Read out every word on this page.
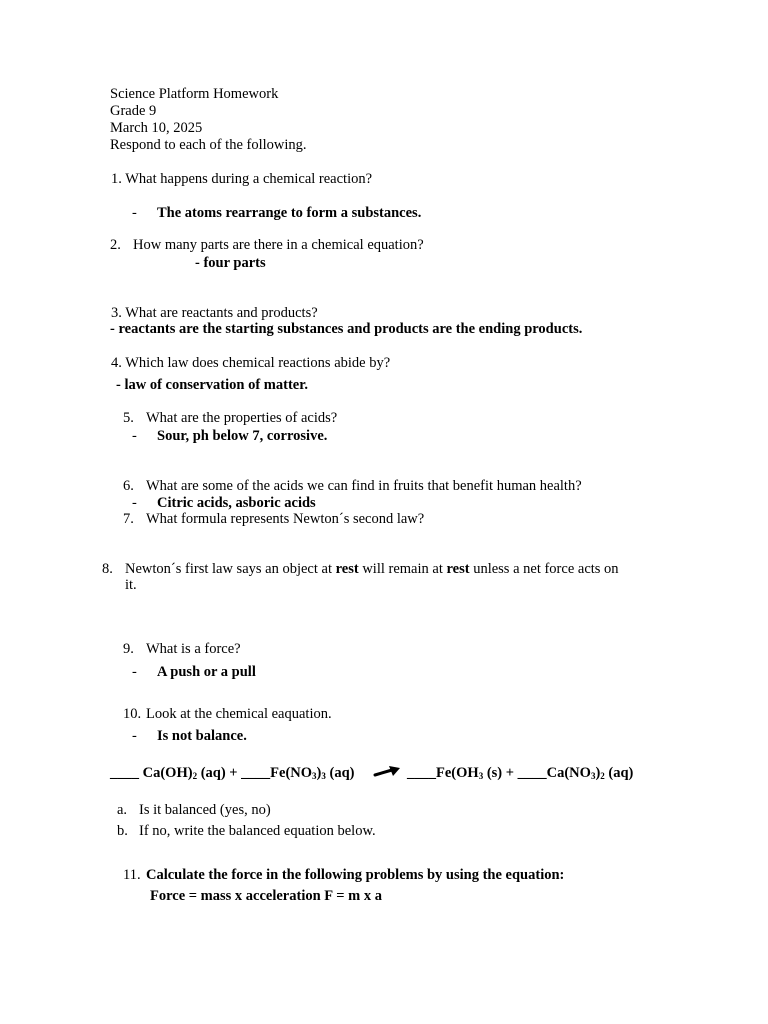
Science Platform Homework
Grade 9
March 10, 2025
Respond to each of the following.
1. What happens during a chemical reaction?
- The atoms rearrange to form a substances.
2. How many parts are there in a chemical equation?
- four parts
3. What are reactants and products?
- reactants are the starting substances and products are the ending products.
4. Which law does chemical reactions abide by?
- law of conservation of matter.
5. What are the properties of acids?
- Sour, ph below 7, corrosive.
6. What are some of the acids we can find in fruits that benefit human health?
- Citric acids, asboric acids
7. What formula represents Newton´s second law?
8. Newton´s first law says an object at rest will remain at rest unless a net force acts on
it.
9. What is a force?
- A push or a pull
10. Look at the chemical eaquation.
- Is not balance.
____ $Ca(OH)_2$ $(aq) + \_\_\_\_Fe(NO_3)_3$ (aq)	$\_\_\_\_Fe(OH_3$ $(s) + \_\_\_\_Ca(NO_3)_2$ (aq)
a. Is it balanced (yes, no)
b. If no, write the balanced equation below.
11. Calculate the force in the following problems by using the equation:
Force = mass x acceleration F = m x a
